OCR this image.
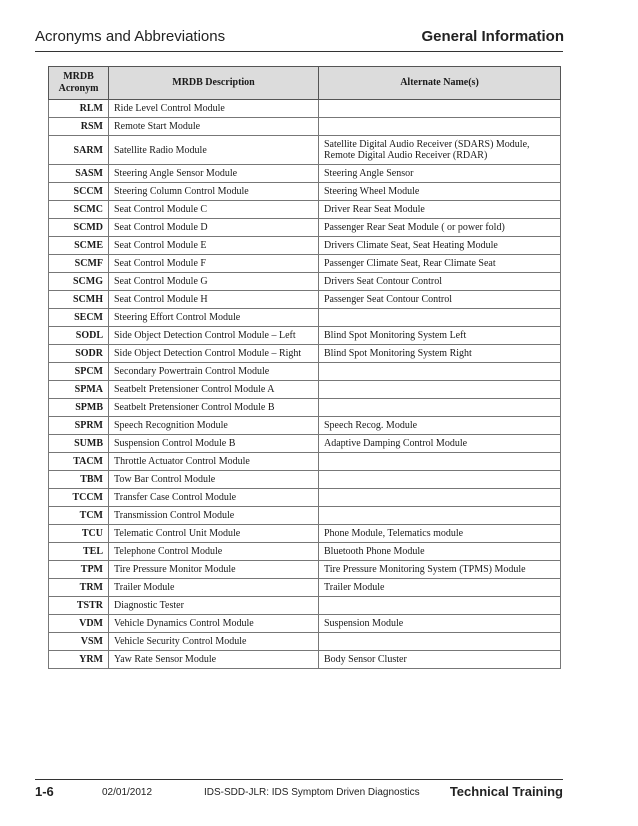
Acronyms and Abbreviations	General Information
MRDB Acronym	MRDB Description	Alternate Name(s)
RLM	Ride Level Control Module	
RSM	Remote Start Module	
SARM	Satellite Radio Module	Satellite Digital Audio Receiver (SDARS) Module, Remote Digital Audio Receiver (RDAR)
SASM	Steering Angle Sensor Module	Steering Angle Sensor
SCCM	Steering Column Control Module	Steering Wheel Module
SCMC	Seat Control Module C	Driver Rear Seat Module
SCMD	Seat Control Module D	Passenger Rear Seat Module ( or power fold)
SCME	Seat Control Module E	Drivers Climate Seat, Seat Heating Module
SCMF	Seat Control Module F	Passenger Climate Seat, Rear Climate Seat
SCMG	Seat Control Module G	Drivers Seat Contour Control
SCMH	Seat Control Module H	Passenger Seat Contour Control
SECM	Steering Effort Control Module	
SODL	Side Object Detection Control Module – Left	Blind Spot Monitoring System Left
SODR	Side Object Detection Control Module – Right	Blind Spot Monitoring System Right
SPCM	Secondary Powertrain Control Module	
SPMA	Seatbelt Pretensioner Control Module A	
SPMB	Seatbelt Pretensioner Control Module B	
SPRM	Speech Recognition Module	Speech Recog. Module
SUMB	Suspension Control Module B	Adaptive Damping Control Module
TACM	Throttle Actuator Control Module	
TBM	Tow Bar Control Module	
TCCM	Transfer Case Control Module	
TCM	Transmission Control Module	
TCU	Telematic Control Unit Module	Phone Module, Telematics module
TEL	Telephone Control Module	Bluetooth Phone Module
TPM	Tire Pressure Monitor Module	Tire Pressure Monitoring System (TPMS) Module
TRM	Trailer Module	Trailer Module
TSTR	Diagnostic Tester	
VDM	Vehicle Dynamics Control Module	Suspension Module
VSM	Vehicle Security Control Module	
YRM	Yaw Rate Sensor Module	Body Sensor Cluster
1-6	02/01/2012	IDS-SDD-JLR: IDS Symptom Driven Diagnostics Technical Training
